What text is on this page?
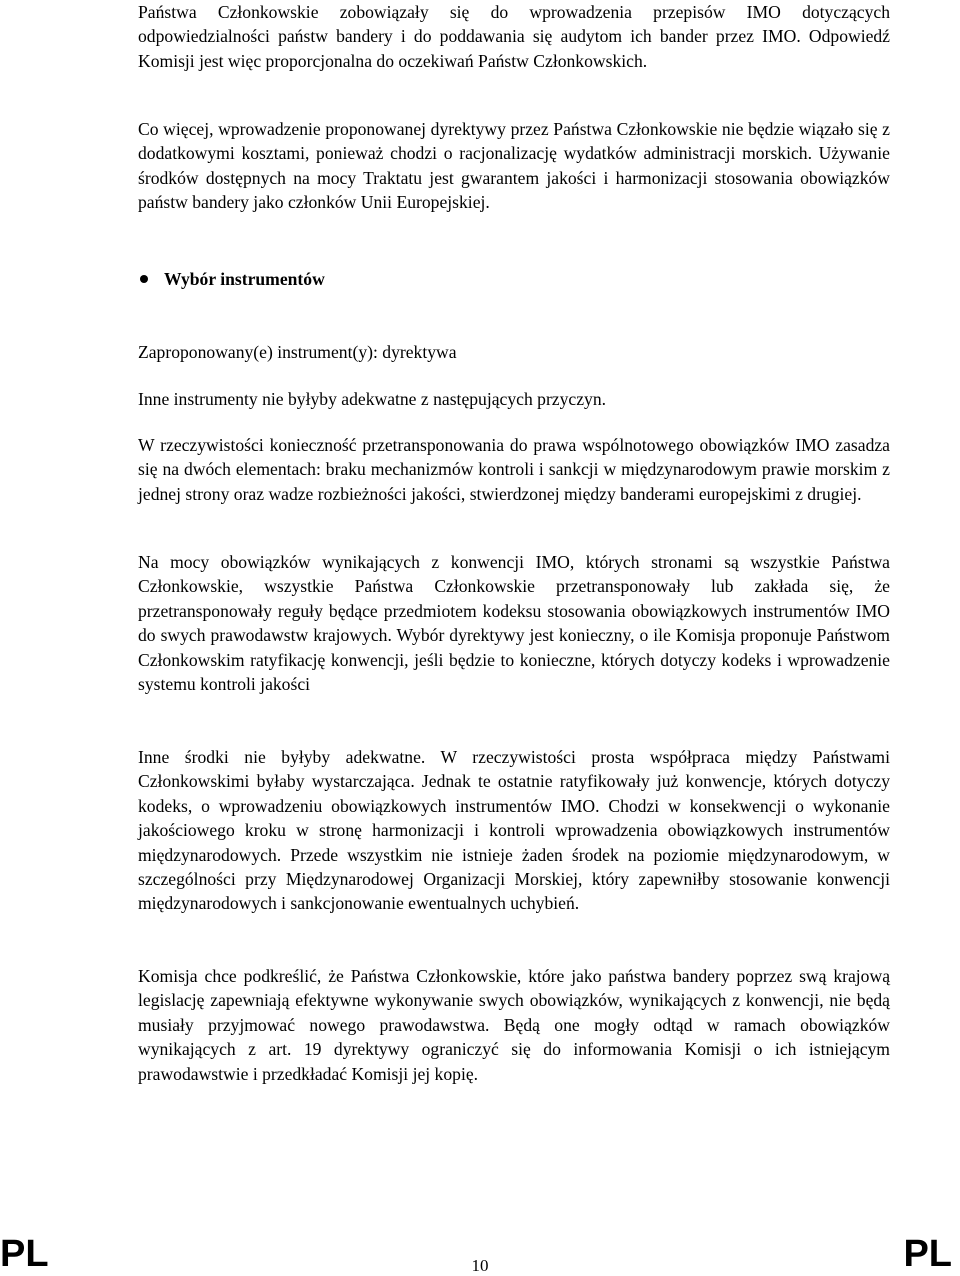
Państwa Członkowskie zobowiązały się do wprowadzenia przepisów IMO dotyczących odpowiedzialności państw bandery i do poddawania się audytom ich bander przez IMO. Odpowiedź Komisji jest więc proporcjonalna do oczekiwań Państw Członkowskich.

Co więcej, wprowadzenie proponowanej dyrektywy przez Państwa Członkowskie nie będzie wiązało się z dodatkowymi kosztami, ponieważ chodzi o racjonalizację wydatków administracji morskich. Używanie środków dostępnych na mocy Traktatu jest gwarantem jakości i harmonizacji stosowania obowiązków państw bandery jako członków Unii Europejskiej.

Wybór instrumentów

Zaproponowany(e) instrument(y): dyrektywa

Inne instrumenty nie byłyby adekwatne z następujących przyczyn.

W rzeczywistości konieczność przetransponowania do prawa wspólnotowego obowiązków IMO zasadza się na dwóch elementach: braku mechanizmów kontroli i sankcji w międzynarodowym prawie morskim z jednej strony oraz wadze rozbieżności jakości, stwierdzonej między banderami europejskimi z drugiej.

Na mocy obowiązków wynikających z konwencji IMO, których stronami są wszystkie Państwa Członkowskie, wszystkie Państwa Członkowskie przetransponowały lub zakłada się, że przetransponowały reguły będące przedmiotem kodeksu stosowania obowiązkowych instrumentów IMO do swych prawodawstw krajowych. Wybór dyrektywy jest konieczny, o ile Komisja proponuje Państwom Członkowskim ratyfikację konwencji, jeśli będzie to konieczne, których dotyczy kodeks i wprowadzenie systemu kontroli jakości

Inne środki nie byłyby adekwatne. W rzeczywistości prosta współpraca między Państwami Członkowskimi byłaby wystarczająca. Jednak te ostatnie ratyfikowały już konwencje, których dotyczy kodeks, o wprowadzeniu obowiązkowych instrumentów IMO. Chodzi w konsekwencji o wykonanie jakościowego kroku w stronę harmonizacji i kontroli wprowadzenia obowiązkowych instrumentów międzynarodowych. Przede wszystkim nie istnieje żaden środek na poziomie międzynarodowym, w szczególności przy Międzynarodowej Organizacji Morskiej, który zapewniłby stosowanie konwencji międzynarodowych i sankcjonowanie ewentualnych uchybień.

Komisja chce podkreślić, że Państwa Członkowskie, które jako państwa bandery poprzez swą krajową legislację zapewniają efektywne wykonywanie swych obowiązków, wynikających z konwencji, nie będą musiały przyjmować nowego prawodawstwa. Będą one mogły odtąd w ramach obowiązków wynikających z art. 19 dyrektywy ograniczyć się do informowania Komisji o ich istniejącym prawodawstwie i przedkładać Komisji jej kopię.

PL	10	PL
